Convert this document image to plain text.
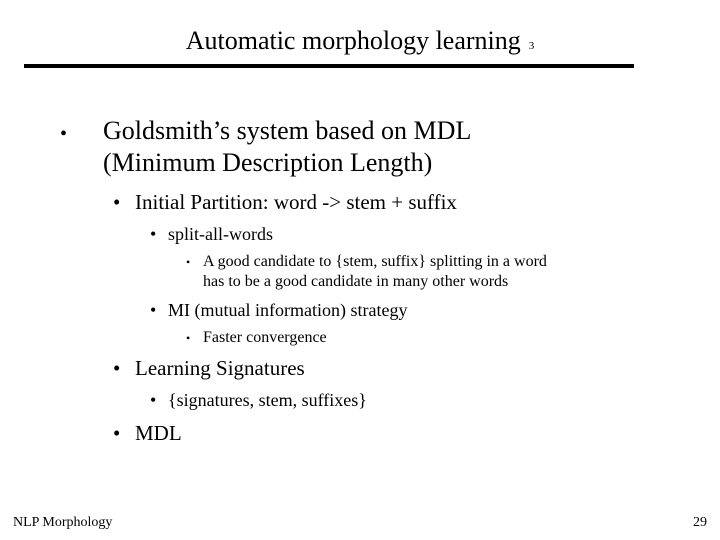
Automatic morphology learning 3
• Goldsmith’s system based on MDL
(Minimum Description Length)
• Initial Partition: word -> stem + suffix
• split-all-words
• A good candidate to {stem, suffix} splitting in a word
has to be a good candidate in many other words
• MI (mutual information) strategy
• Faster convergence
• Learning Signatures
• {signatures, stem, suffixes}
• MDL
NLP Morphology	29
